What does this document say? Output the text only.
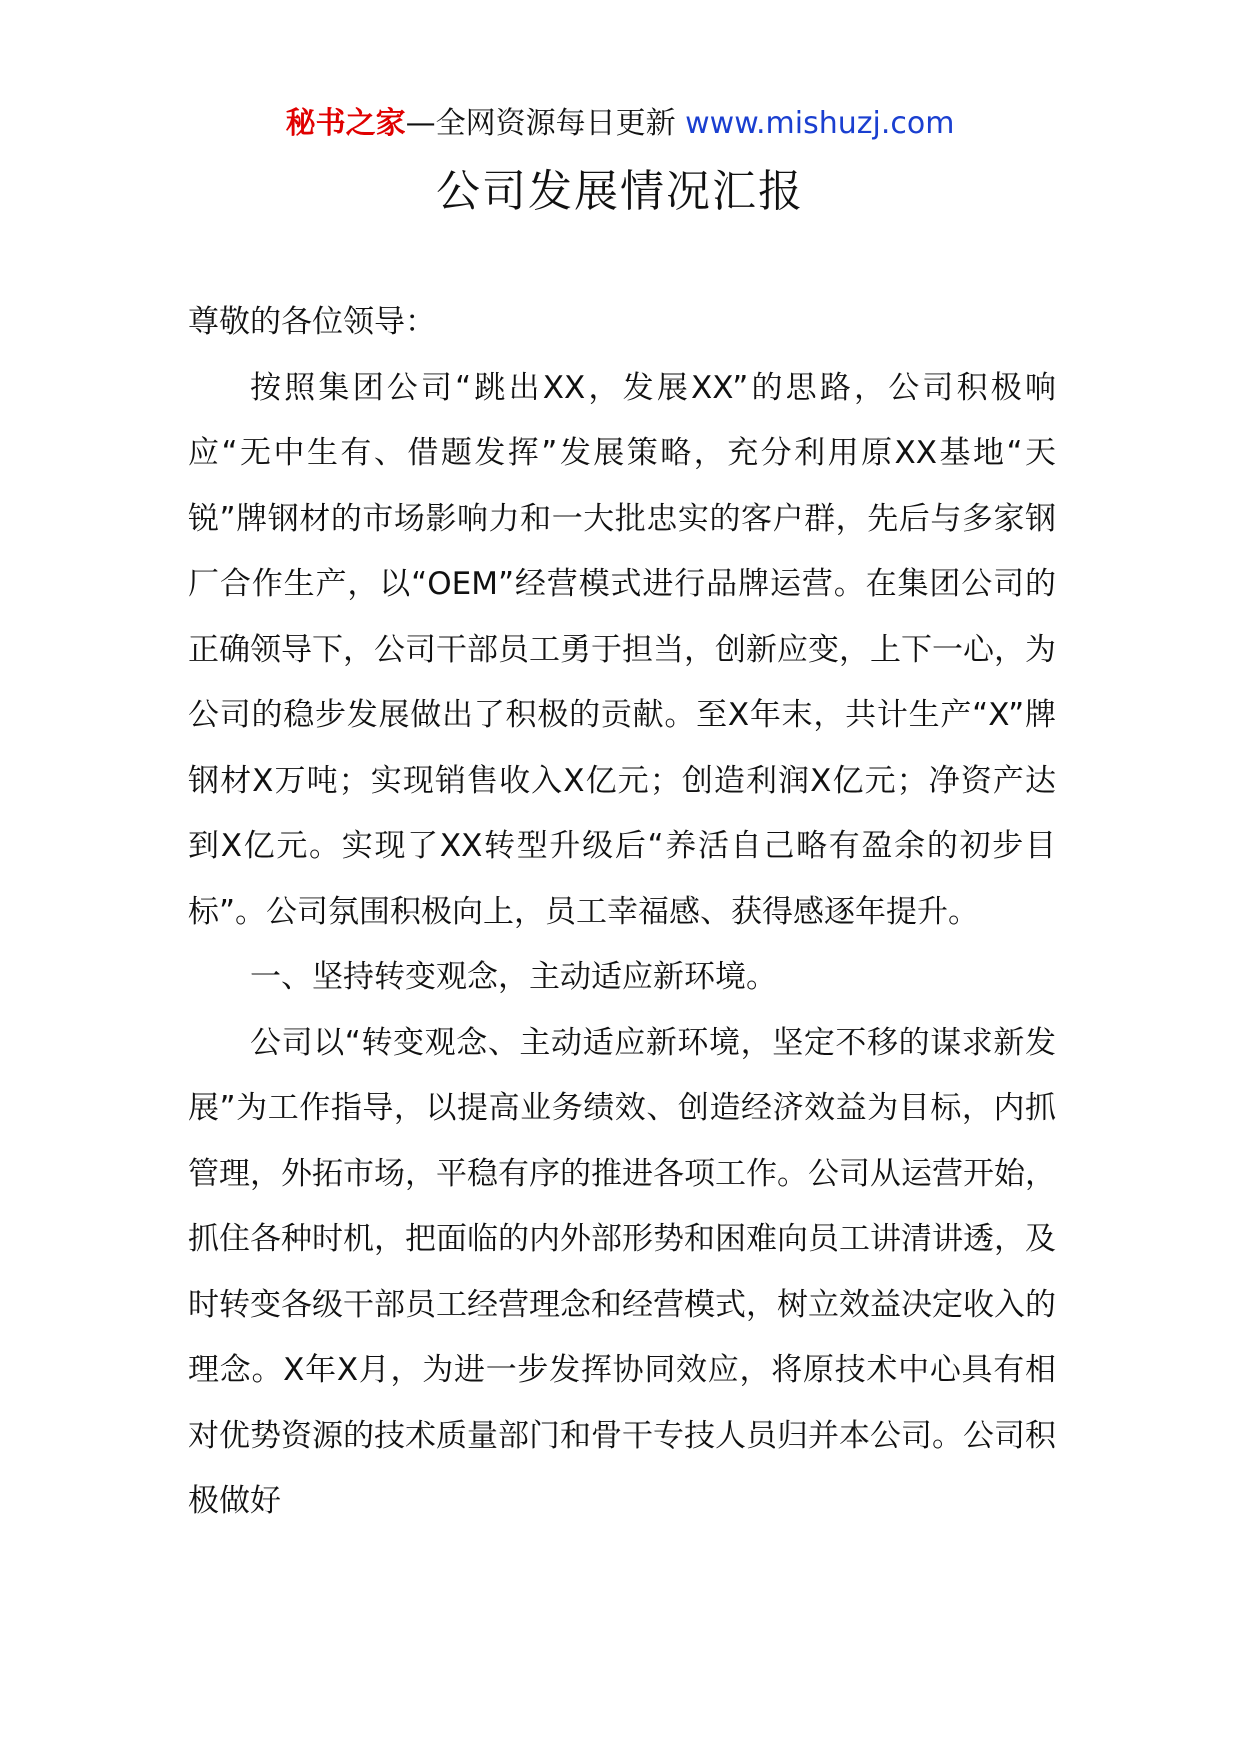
秘书之家—全网资源每日更新 www.mishuzj.com
公司发展情况汇报

尊敬的各位领导：

按照集团公司“跳出XX，发展XX”的思路，公司积极响应“无中生有、借题发挥”发展策略，充分利用原XX基地“天锐”牌钢材的市场影响力和一大批忠实的客户群，先后与多家钢厂合作生产，以“OEM”经营模式进行品牌运营。在集团公司的正确领导下，公司干部员工勇于担当，创新应变，上下一心，为公司的稳步发展做出了积极的贡献。至X年末，共计生产“X”牌钢材X万吨；实现销售收入X亿元；创造利润X亿元；净资产达到X亿元。实现了XX转型升级后“养活自己略有盈余的初步目标”。公司氛围积极向上，员工幸福感、获得感逐年提升。

一、坚持转变观念，主动适应新环境。

公司以“转变观念、主动适应新环境，坚定不移的谋求新发展”为工作指导，以提高业务绩效、创造经济效益为目标，内抓管理，外拓市场，平稳有序的推进各项工作。公司从运营开始，抓住各种时机，把面临的内外部形势和困难向员工讲清讲透，及时转变各级干部员工经营理念和经营模式，树立效益决定收入的理念。X年X月，为进一步发挥协同效应，将原技术中心具有相对优势资源的技术质量部门和骨干专技人员归并本公司。公司积极做好
